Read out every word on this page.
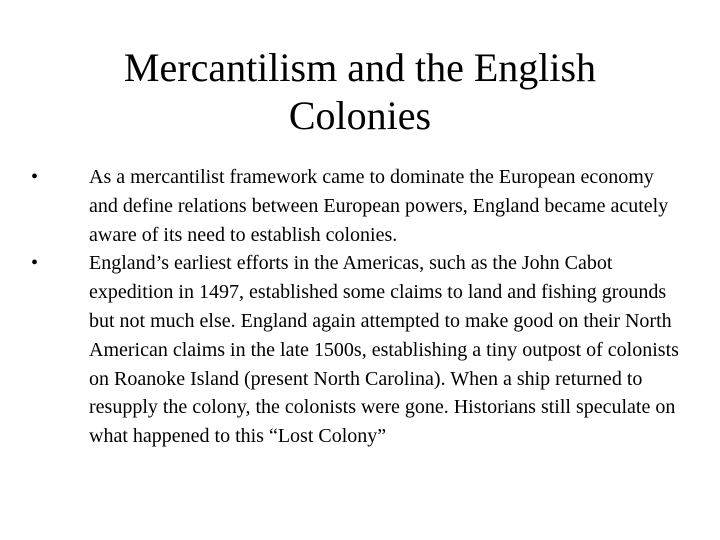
Mercantilism and the English
Colonies
•	As a mercantilist framework came to dominate the European economy and define relations between European powers, England became acutely aware of its need to establish colonies.
•	England’s earliest efforts in the Americas, such as the John Cabot expedition in 1497, established some claims to land and fishing grounds but not much else. England again attempted to make good on their North American claims in the late 1500s, establishing a tiny outpost of colonists on Roanoke Island (present North Carolina). When a ship returned to resupply the colony, the colonists were gone. Historians still speculate on what happened to this “Lost Colony”
